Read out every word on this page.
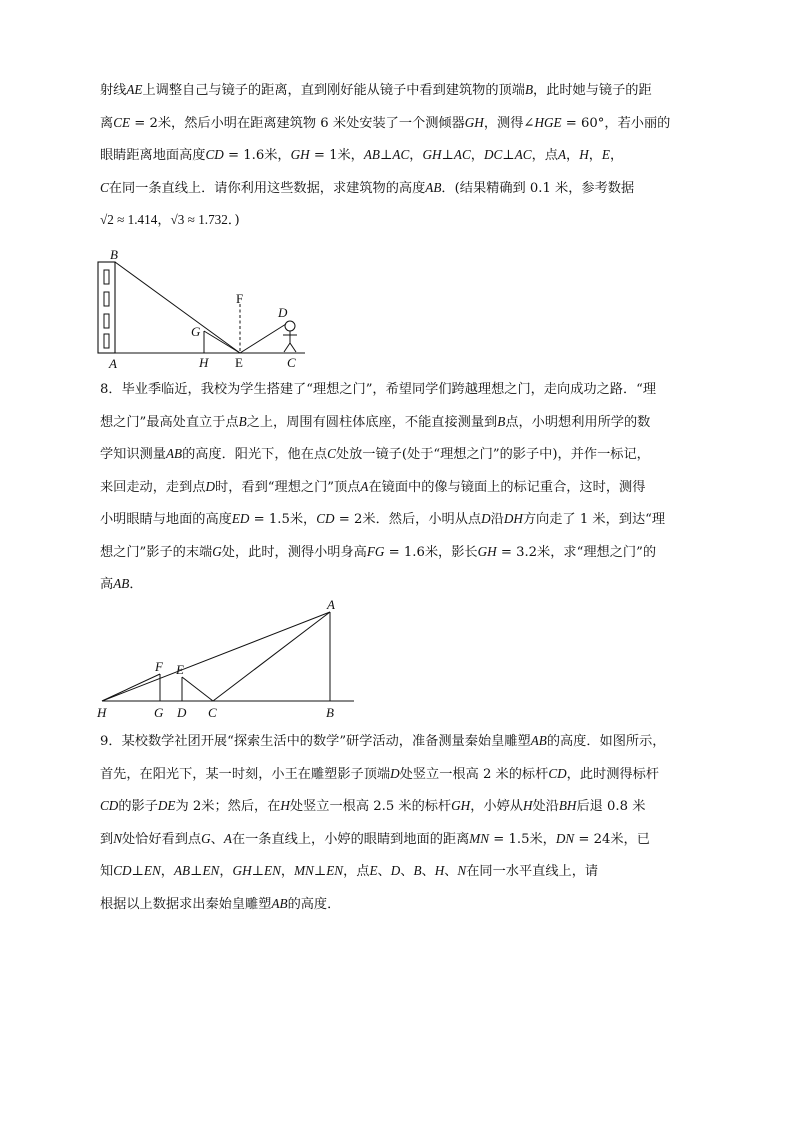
射线AE上调整自己与镜子的距离，直到刚好能从镜子中看到建筑物的顶端B，此时她与镜子的距

离CE = 2米，然后小明在距离建筑物 6 米处安装了一个测倾器GH，测得∠HGE = 60°，若小丽的

眼睛距离地面高度CD = 1.6米，GH = 1米，AB⊥AC，GH⊥AC，DC⊥AC，点A，H，E，

C在同一条直线上．请你利用这些数据，求建筑物的高度AB．(结果精确到 0.1 米，参考数据

√2 ≈ 1.414，√3 ≈ 1.732．)

B
G
F
D
A	H E	C

8．毕业季临近，我校为学生搭建了“理想之门”，希望同学们跨越理想之门，走向成功之路．“理

想之门”最高处直立于点B之上，周围有圆柱体底座，不能直接测量到B点，小明想利用所学的数

学知识测量AB的高度．阳光下，他在点C处放一镜子(处于“理想之门”的影子中)，并作一标记，

来回走动，走到点D时，看到“理想之门”顶点A在镜面中的像与镜面上的标记重合，这时，测得

小明眼睛与地面的高度ED = 1.5米，CD = 2米．然后，小明从点D沿DH方向走了 1 米，到达“理

想之门”影子的末端G处，此时，测得小明身高FG = 1.6米，影长GH = 3.2米，求“理想之门”的

高AB．

A
F E
H	G D C	B

9．某校数学社团开展“探索生活中的数学”研学活动，准备测量秦始皇雕塑AB的高度．如图所示，

首先，在阳光下，某一时刻，小王在雕塑影子顶端D处竖立一根高 2 米的标杆CD，此时测得标杆

CD的影子DE为 2米；然后，在H处竖立一根高 2.5 米的标杆GH，小婷从H处沿BH后退 0.8 米

到N处恰好看到点G、A在一条直线上，小婷的眼睛到地面的距离MN = 1.5米，DN = 24米，已

知CD⊥EN，AB⊥EN，GH⊥EN，MN⊥EN，点E、D、B、H、N在同一水平直线上，请

根据以上数据求出秦始皇雕塑AB的高度．
